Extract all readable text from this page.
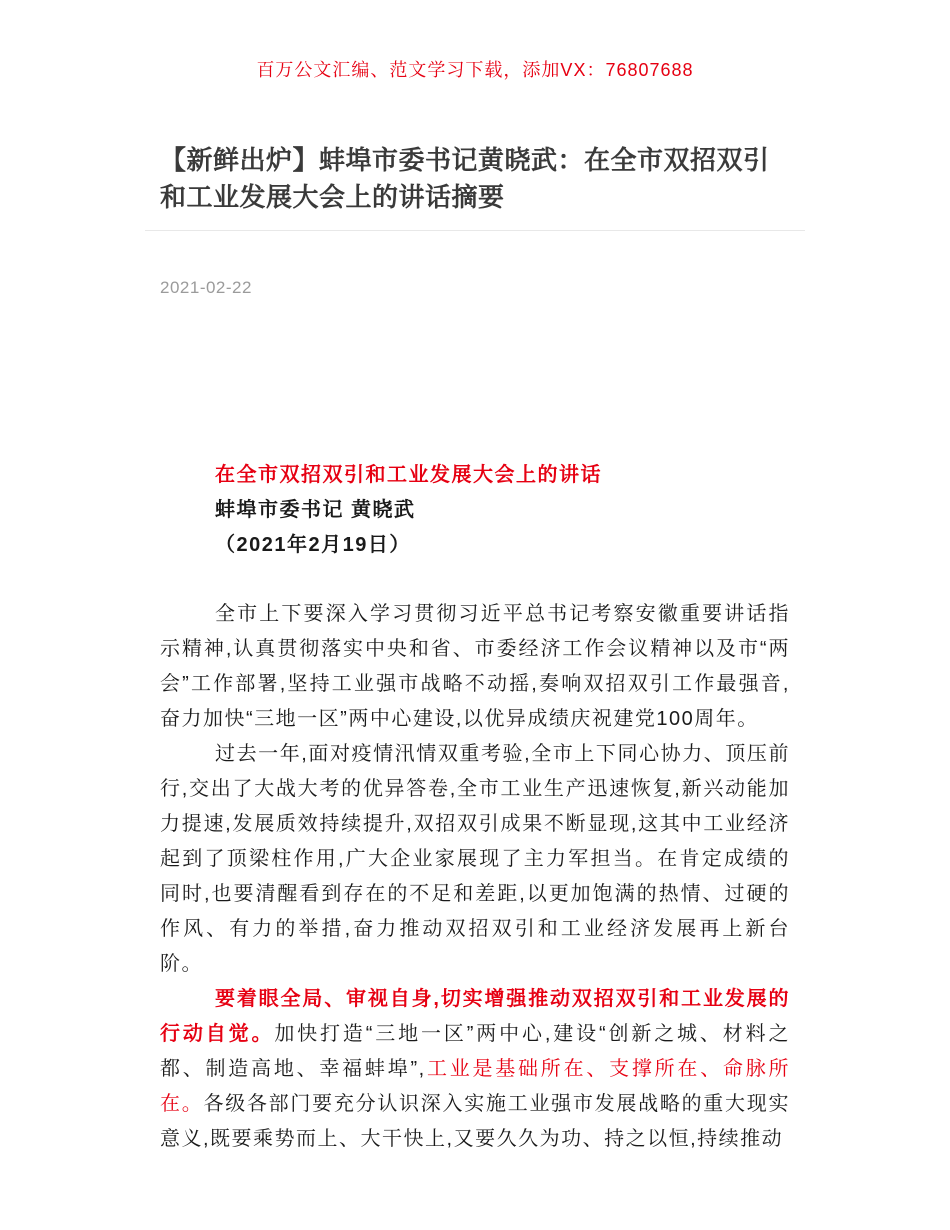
百万公文汇编、范文学习下载，添加VX：76807688
【新鲜出炉】蚌埠市委书记黄晓武：在全市双招双引和工业发展大会上的讲话摘要
2021-02-22

在全市双招双引和工业发展大会上的讲话

蚌埠市委书记 黄晓武

（2021年2月19日）

全市上下要深入学习贯彻习近平总书记考察安徽重要讲话指示精神,认真贯彻落实中央和省、市委经济工作会议精神以及市“两会”工作部署,坚持工业强市战略不动摇,奏响双招双引工作最强音,奋力加快“三地一区”两中心建设,以优异成绩庆祝建党100周年。

过去一年,面对疫情汛情双重考验,全市上下同心协力、顶压前行,交出了大战大考的优异答卷,全市工业生产迅速恢复,新兴动能加力提速,发展质效持续提升,双招双引成果不断显现,这其中工业经济起到了顶梁柱作用,广大企业家展现了主力军担当。在肯定成绩的同时,也要清醒看到存在的不足和差距,以更加饱满的热情、过硬的作风、有力的举措,奋力推动双招双引和工业经济发展再上新台阶。

要着眼全局、审视自身,切实增强推动双招双引和工业发展的行动自觉。加快打造“三地一区”两中心,建设“创新之城、材料之都、制造高地、幸福蚌埠”,工业是基础所在、支撑所在、命脉所在。各级各部门要充分认识深入实施工业强市发展战略的重大现实意义,既要乘势而上、大干快上,又要久久为功、持之以恒,持续推动
